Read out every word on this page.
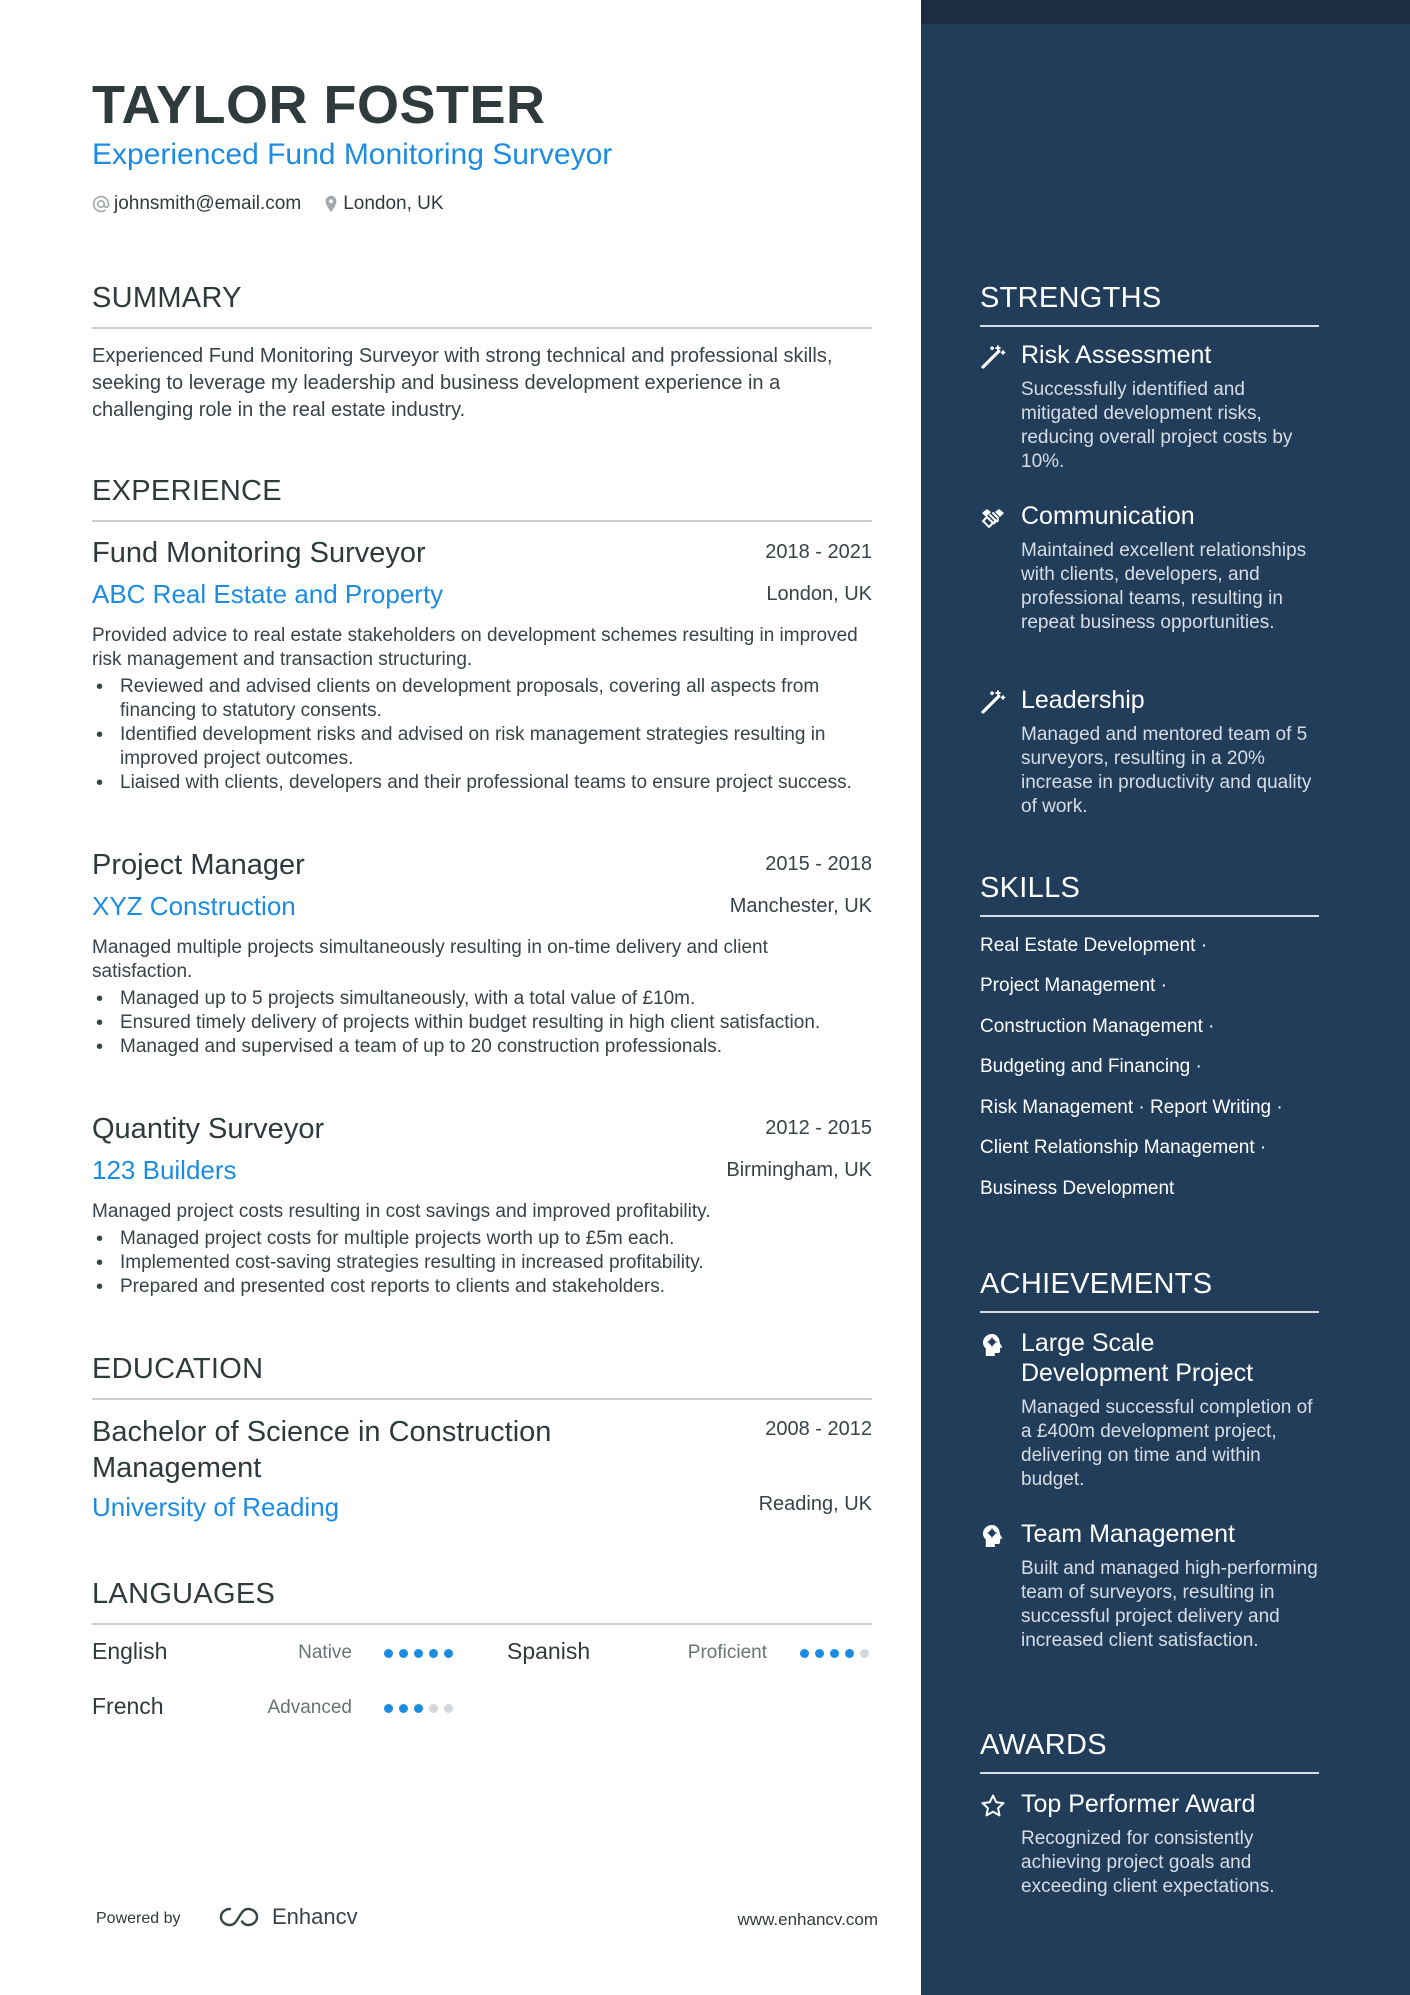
TAYLOR FOSTER
Experienced Fund Monitoring Surveyor
johnsmith@email.com London, UK
SUMMARY
Experienced Fund Monitoring Surveyor with strong technical and professional skills, seeking to leverage my leadership and business development experience in a challenging role in the real estate industry.
EXPERIENCE
Fund Monitoring Surveyor	2018 - 2021
ABC Real Estate and Property	London, UK
Provided advice to real estate stakeholders on development schemes resulting in improved risk management and transaction structuring.
• Reviewed and advised clients on development proposals, covering all aspects from financing to statutory consents.
• Identified development risks and advised on risk management strategies resulting in improved project outcomes.
• Liaised with clients, developers and their professional teams to ensure project success.
Project Manager	2015 - 2018
XYZ Construction	Manchester, UK
Managed multiple projects simultaneously resulting in on-time delivery and client satisfaction.
• Managed up to 5 projects simultaneously, with a total value of £10m.
• Ensured timely delivery of projects within budget resulting in high client satisfaction.
• Managed and supervised a team of up to 20 construction professionals.
Quantity Surveyor	2012 - 2015
123 Builders	Birmingham, UK
Managed project costs resulting in cost savings and improved profitability.
• Managed project costs for multiple projects worth up to £5m each.
• Implemented cost-saving strategies resulting in increased profitability.
• Prepared and presented cost reports to clients and stakeholders.
EDUCATION
Bachelor of Science in Construction
Management
2008 - 2012
University of Reading	Reading, UK
LANGUAGES
English	Native	Spanish	Proficient
French	Advanced
Powered by	Enhancv	www.enhancv.com
STRENGTHS
Risk Assessment
Successfully identified and mitigated development risks, reducing overall project costs by 10%.
Communication
Maintained excellent relationships with clients, developers, and professional teams, resulting in repeat business opportunities.
Leadership
Managed and mentored team of 5 surveyors, resulting in a 20% increase in productivity and quality of work.
SKILLS
Real Estate Development ·
Project Management ·
Construction Management ·
Budgeting and Financing ·
Risk Management · Report Writing ·
Client Relationship Management ·
Business Development
ACHIEVEMENTS
Large Scale
Development Project
Managed successful completion of a £400m development project, delivering on time and within budget.
Team Management
Built and managed high-performing team of surveyors, resulting in successful project delivery and increased client satisfaction.
AWARDS
Top Performer Award
Recognized for consistently achieving project goals and exceeding client expectations.
